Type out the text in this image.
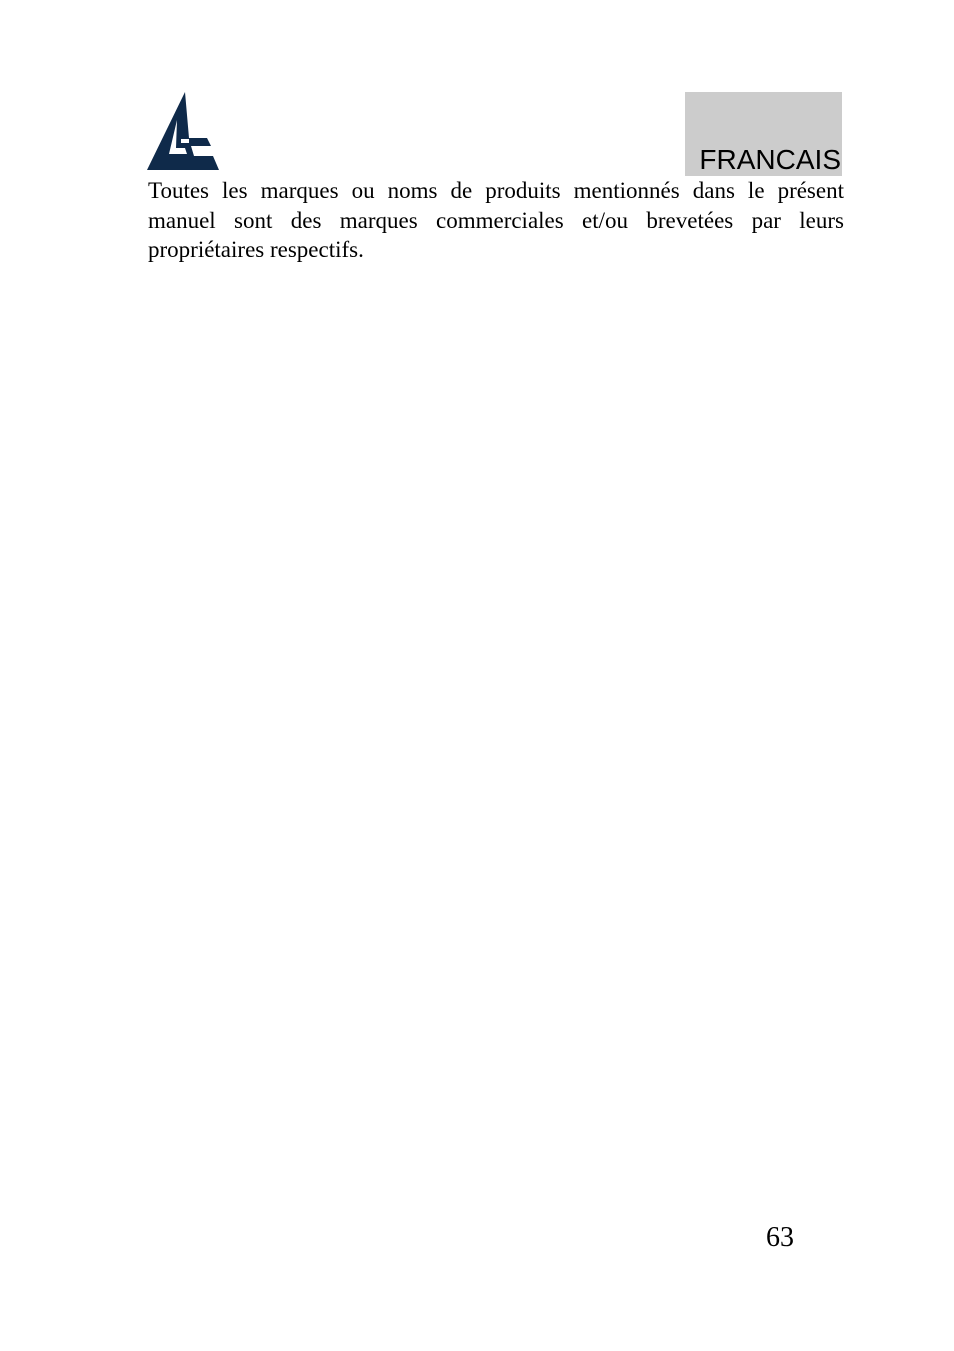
FRANCAIS

Toutes les marques ou noms de produits mentionnés dans le présent manuel sont des marques commerciales et/ou brevetées par leurs propriétaires respectifs.

63
